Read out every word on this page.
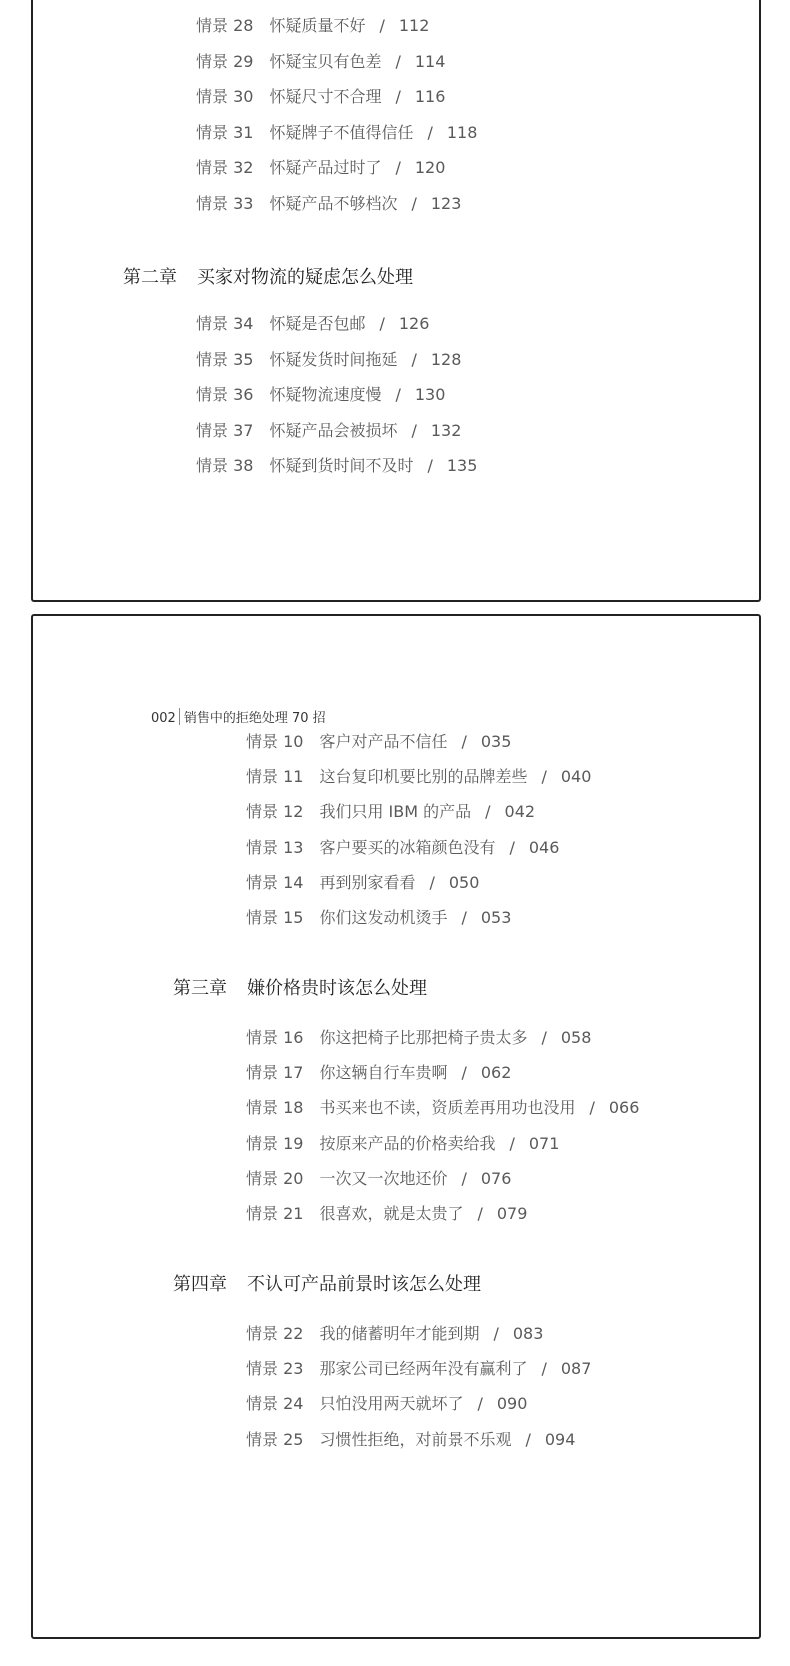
情景 28 怀疑质量不好 / 112
情景 29 怀疑宝贝有色差 / 114
情景 30 怀疑尺寸不合理 / 116
情景 31 怀疑牌子不值得信任 / 118
情景 32 怀疑产品过时了 / 120
情景 33 怀疑产品不够档次 / 123
第二章 买家对物流的疑虑怎么处理
情景 34 怀疑是否包邮 / 126
情景 35 怀疑发货时间拖延 / 128
情景 36 怀疑物流速度慢 / 130
情景 37 怀疑产品会被损坏 / 132
情景 38 怀疑到货时间不及时 / 135
002 销售中的拒绝处理 70 招
情景 10 客户对产品不信任 / 035
情景 11 这台复印机要比别的品牌差些 / 040
情景 12 我们只用 IBM 的产品 / 042
情景 13 客户要买的冰箱颜色没有 / 046
情景 14 再到别家看看 / 050
情景 15 你们这发动机烫手 / 053
第三章 嫌价格贵时该怎么处理
情景 16 你这把椅子比那把椅子贵太多 / 058
情景 17 你这辆自行车贵啊 / 062
情景 18 书买来也不读，资质差再用功也没用 / 066
情景 19 按原来产品的价格卖给我 / 071
情景 20 一次又一次地还价 / 076
情景 21 很喜欢，就是太贵了 / 079
第四章 不认可产品前景时该怎么处理
情景 22 我的储蓄明年才能到期 / 083
情景 23 那家公司已经两年没有赢利了 / 087
情景 24 只怕没用两天就坏了 / 090
情景 25 习惯性拒绝，对前景不乐观 / 094
